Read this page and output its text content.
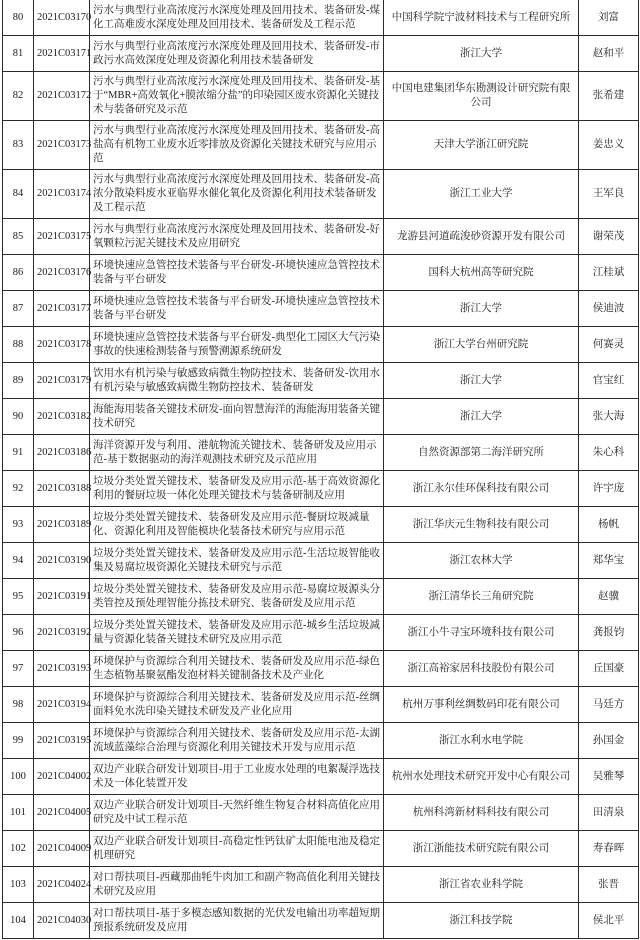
80	2021C03170	污水与典型行业高浓度污水深度处理及回用技术、装备研发-煤化工高难废水深度处理及回用技术、装备研发及工程示范	中国科学院宁波材料技术与工程研究所	刘富
81	2021C03171	污水与典型行业高浓度污水深度处理及回用技术、装备研发-市政污水高效深度处理及资源化利用技术装备研发	浙江大学	赵和平
82	2021C03172	污水与典型行业高浓度污水深度处理及回用技术、装备研发-基于“MBR+高效氧化+膜浓缩分盐”的印染园区废水资源化关键技术与装备研究及示范	中国电建集团华东勘测设计研究院有限公司	张希建
83	2021C03173	污水与典型行业高浓度污水深度处理及回用技术、装备研发-高盐高有机物工业废水近零排放及资源化关键技术研究与应用示范	天津大学浙江研究院	姜忠义
84	2021C03174	污水与典型行业高浓度污水深度处理及回用技术、装备研发-高浓分散染料废水亚临界水催化氧化及资源化利用技术装备研发及工程示范	浙江工业大学	王军良
85	2021C03175	污水与典型行业高浓度污水深度处理及回用技术、装备研发-好氧颗粒污泥关键技术及应用研究	龙游县河道疏浚砂资源开发有限公司	谢荣茂
86	2021C03176	环境快速应急管控技术装备与平台研发-环境快速应急管控技术装备与平台研发	国科大杭州高等研究院	江桂斌
87	2021C03177	环境快速应急管控技术装备与平台研发-环境快速应急管控技术装备与平台研发	浙江大学	侯迪波
88	2021C03178	环境快速应急管控技术装备与平台研发-典型化工园区大气污染事故的快速检测装备与预警溯源系统研发	浙江大学台州研究院	何赛灵
89	2021C03179	饮用水有机污染与敏感致病微生物防控技术、装备研发-饮用水有机污染与敏感致病微生物防控技术、装备研发	浙江大学	官宝红
90	2021C03182	海能海用装备关键技术研发-面向智慧海洋的海能海用装备关键技术研究	浙江大学	张大海
91	2021C03186	海洋资源开发与利用、港航物流关键技术、装备研发及应用示范-基于数据驱动的海洋观测技术研究及示范应用	自然资源部第二海洋研究所	朱心科
92	2021C03188	垃圾分类处置关键技术、装备研发及应用示范-基于高效资源化利用的餐厨垃圾一体化处理关键技术与装备研制及应用	浙江永尔佳环保科技有限公司	许宇庞
93	2021C03189	垃圾分类处置关键技术、装备研发及应用示范-餐厨垃圾减量化、资源化利用及智能模块化装备技术研究与应用示范	浙江华庆元生物科技有限公司	杨帆
94	2021C03190	垃圾分类处置关键技术、装备研发及应用示范-生活垃圾智能收集及易腐垃圾资源化关键技术研究与示范	浙江农林大学	郑华宝
95	2021C03191	垃圾分类处置关键技术、装备研发及应用示范-易腐垃圾源头分类管控及预处理智能分拣技术研究、装备研发及应用示范	浙江清华长三角研究院	赵骥
96	2021C03192	垃圾分类处置关键技术、装备研发及应用示范-城乡生活垃圾减量与资源化装备关键技术研究及应用示范	浙江小牛寻宝环境科技有限公司	龚报钧
97	2021C03193	环境保护与资源综合利用关键技术、装备研发及应用示范-绿色生态植物基聚氨酯发泡材料关键制备技术及产业化	浙江高裕家居科技股份有限公司	丘国豪
98	2021C03194	环境保护与资源综合利用关键技术、装备研发及应用示范-丝绸面料免水洗印染关键技术研发及产业化应用	杭州万事利丝绸数码印花有限公司	马廷方
99	2021C03195	环境保护与资源综合利用关键技术、装备研发及应用示范-太湖流域蓝藻综合治理与资源化利用关键技术开发与应用示范	浙江水利水电学院	孙国金
100	2021C04002	双边产业联合研发计划项目-用于工业废水处理的电絮凝浮选技术及一体化装置开发	杭州水处理技术研究开发中心有限公司	吴雅琴
101	2021C04005	双边产业联合研发计划项目-天然纤维生物复合材料高值化应用研究及中试工程示范	杭州科湾新材料科技有限公司	田清泉
102	2021C04009	双边产业联合研发计划项目-高稳定性钙钛矿太阳能电池及稳定机理研究	浙江浙能技术研究院有限公司	寿春晖
103	2021C04024	对口帮扶项目-西藏那曲牦牛肉加工和副产物高值化利用关键技术研究及应用	浙江省农业科学院	张晋
104	2021C04030	对口帮扶项目-基于多模态感知数据的光伏发电输出功率超短期预报系统研发及应用	浙江科技学院	侯北平
